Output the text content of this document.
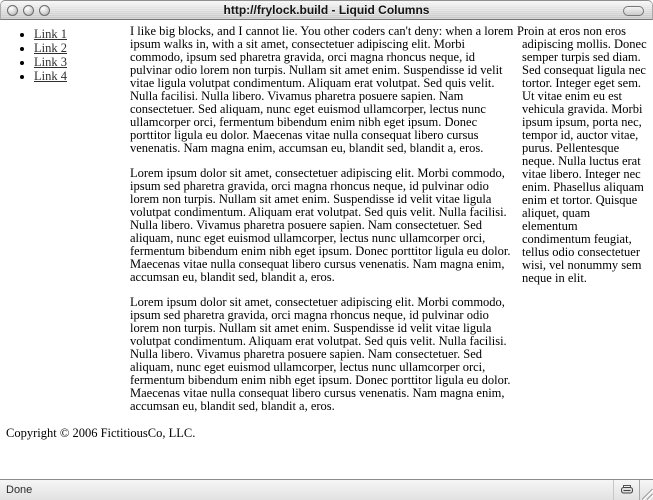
http://frylock.build - Liquid Columns
• Link 1
• Link 2
• Link 3
• Link 4

I like big blocks, and I cannot lie. You other coders can't deny: when a lorem ipsum walks in, with a sit amet, consectetuer adipiscing elit. Morbi commodo, ipsum sed pharetra gravida, orci magna rhoncus neque, id pulvinar odio lorem non turpis. Nullam sit amet enim. Suspendisse id velit vitae ligula volutpat condimentum. Aliquam erat volutpat. Sed quis velit. Nulla facilisi. Nulla libero. Vivamus pharetra posuere sapien. Nam consectetuer. Sed aliquam, nunc eget euismod ullamcorper, lectus nunc ullamcorper orci, fermentum bibendum enim nibh eget ipsum. Donec porttitor ligula eu dolor. Maecenas vitae nulla consequat libero cursus venenatis. Nam magna enim, accumsan eu, blandit sed, blandit a, eros.

Lorem ipsum dolor sit amet, consectetuer adipiscing elit. Morbi commodo, ipsum sed pharetra gravida, orci magna rhoncus neque, id pulvinar odio lorem non turpis. Nullam sit amet enim. Suspendisse id velit vitae ligula volutpat condimentum. Aliquam erat volutpat. Sed quis velit. Nulla facilisi. Nulla libero. Vivamus pharetra posuere sapien. Nam consectetuer. Sed aliquam, nunc eget euismod ullamcorper, lectus nunc ullamcorper orci, fermentum bibendum enim nibh eget ipsum. Donec porttitor ligula eu dolor. Maecenas vitae nulla consequat libero cursus venenatis. Nam magna enim, accumsan eu, blandit sed, blandit a, eros.

Lorem ipsum dolor sit amet, consectetuer adipiscing elit. Morbi commodo, ipsum sed pharetra gravida, orci magna rhoncus neque, id pulvinar odio lorem non turpis. Nullam sit amet enim. Suspendisse id velit vitae ligula volutpat condimentum. Aliquam erat volutpat. Sed quis velit. Nulla facilisi. Nulla libero. Vivamus pharetra posuere sapien. Nam consectetuer. Sed aliquam, nunc eget euismod ullamcorper, lectus nunc ullamcorper orci, fermentum bibendum enim nibh eget ipsum. Donec porttitor ligula eu dolor. Maecenas vitae nulla consequat libero cursus venenatis. Nam magna enim, accumsan eu, blandit sed, blandit a, eros.

Proin at eros non eros adipiscing mollis. Donec semper turpis sed diam. Sed consequat ligula nec tortor. Integer eget sem. Ut vitae enim eu est vehicula gravida. Morbi ipsum ipsum, porta nec, tempor id, auctor vitae, purus. Pellentesque neque. Nulla luctus erat vitae libero. Integer nec enim. Phasellus aliquam enim et tortor. Quisque aliquet, quam elementum condimentum feugiat, tellus odio consectetuer wisi, vel nonummy sem neque in elit.

Copyright © 2006 FictitiousCo, LLC.

Done
